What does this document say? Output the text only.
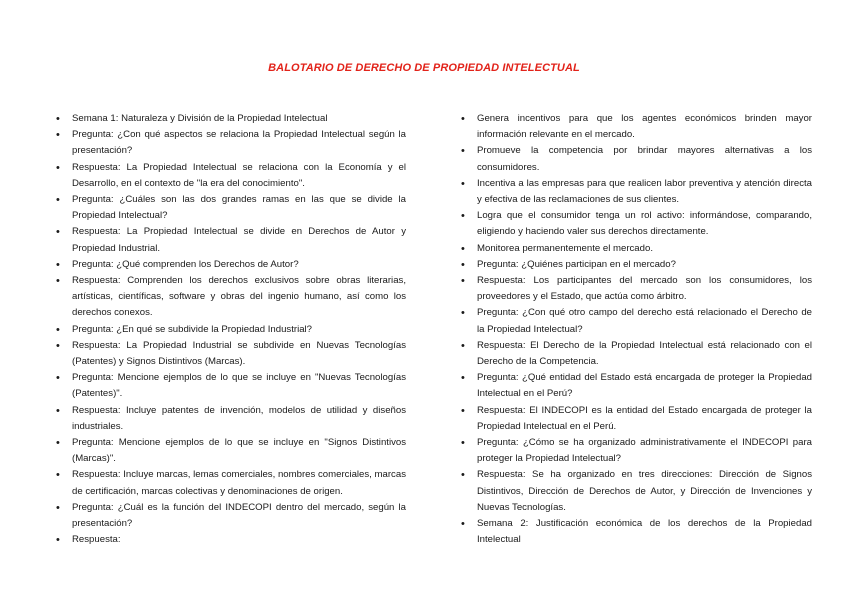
BALOTARIO DE DERECHO DE PROPIEDAD INTELECTUAL
• Semana 1: Naturaleza y División de la Propiedad Intelectual
• Pregunta: ¿Con qué aspectos se relaciona la Propiedad Intelectual según la presentación?
• Respuesta: La Propiedad Intelectual se relaciona con la Economía y el Desarrollo, en el contexto de "la era del conocimiento".
• Pregunta: ¿Cuáles son las dos grandes ramas en las que se divide la Propiedad Intelectual?
• Respuesta: La Propiedad Intelectual se divide en Derechos de Autor y Propiedad Industrial.
• Pregunta: ¿Qué comprenden los Derechos de Autor?
• Respuesta: Comprenden los derechos exclusivos sobre obras literarias, artísticas, científicas, software y obras del ingenio humano, así como los derechos conexos.
• Pregunta: ¿En qué se subdivide la Propiedad Industrial?
• Respuesta: La Propiedad Industrial se subdivide en Nuevas Tecnologías (Patentes) y Signos Distintivos (Marcas).
• Pregunta: Mencione ejemplos de lo que se incluye en "Nuevas Tecnologías (Patentes)".
• Respuesta: Incluye patentes de invención, modelos de utilidad y diseños industriales.
• Pregunta: Mencione ejemplos de lo que se incluye en "Signos Distintivos (Marcas)".
• Respuesta: Incluye marcas, lemas comerciales, nombres comerciales, marcas de certificación, marcas colectivas y denominaciones de origen.
• Pregunta: ¿Cuál es la función del INDECOPI dentro del mercado, según la presentación?
• Respuesta:
• Genera incentivos para que los agentes económicos brinden mayor información relevante en el mercado.
• Promueve la competencia por brindar mayores alternativas a los consumidores.
• Incentiva a las empresas para que realicen labor preventiva y atención directa y efectiva de las reclamaciones de sus clientes.
• Logra que el consumidor tenga un rol activo: informándose, comparando, eligiendo y haciendo valer sus derechos directamente.
• Monitorea permanentemente el mercado.
• Pregunta: ¿Quiénes participan en el mercado?
• Respuesta: Los participantes del mercado son los consumidores, los proveedores y el Estado, que actúa como árbitro.
• Pregunta: ¿Con qué otro campo del derecho está relacionado el Derecho de la Propiedad Intelectual?
• Respuesta: El Derecho de la Propiedad Intelectual está relacionado con el Derecho de la Competencia.
• Pregunta: ¿Qué entidad del Estado está encargada de proteger la Propiedad Intelectual en el Perú?
• Respuesta: El INDECOPI es la entidad del Estado encargada de proteger la Propiedad Intelectual en el Perú.
• Pregunta: ¿Cómo se ha organizado administrativamente el INDECOPI para proteger la Propiedad Intelectual?
• Respuesta: Se ha organizado en tres direcciones: Dirección de Signos Distintivos, Dirección de Derechos de Autor, y Dirección de Invenciones y Nuevas Tecnologías.
• Semana 2: Justificación económica de los derechos de la Propiedad Intelectual
